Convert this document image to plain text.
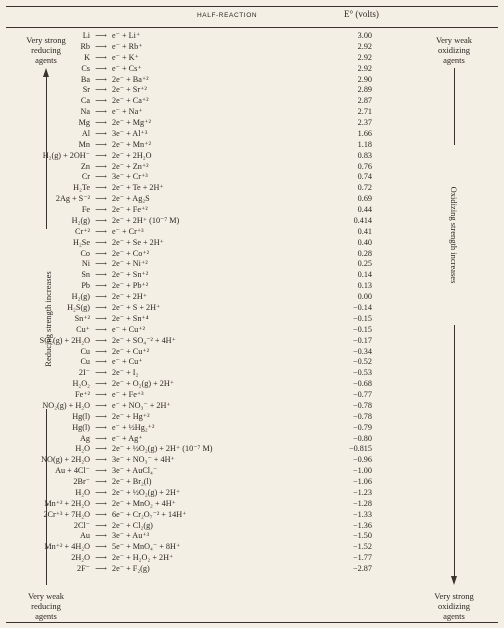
HALF-REACTION	E° (volts)
Very strong
reducing
agents
Very weak
reducing
agents
Reducing strength increases
Very weak
oxidizing
agents
Very strong
oxidizing
agents
Oxidizing strength increases
Li ⟶ e⁻ + Li⁺	3.00
Rb ⟶ e⁻ + Rb⁺	2.92
K ⟶ e⁻ + K⁺	2.92
Cs ⟶ e⁻ + Cs⁺	2.92
Ba ⟶ 2e⁻ + Ba⁺²	2.90
Sr ⟶ 2e⁻ + Sr⁺²	2.89
Ca ⟶ 2e⁻ + Ca⁺²	2.87
Na ⟶ e⁻ + Na⁺	2.71
Mg ⟶ 2e⁻ + Mg⁺²	2.37
Al ⟶ 3e⁻ + Al⁺³	1.66
Mn ⟶ 2e⁻ + Mn⁺²	1.18
H₂(g) + 2OH⁻ ⟶ 2e⁻ + 2H₂O	0.83
Zn ⟶ 2e⁻ + Zn⁺²	0.76
Cr ⟶ 3e⁻ + Cr⁺³	0.74
H₂Te ⟶ 2e⁻ + Te + 2H⁺	0.72
2Ag + S⁻² ⟶ 2e⁻ + Ag₂S	0.69
Fe ⟶ 2e⁻ + Fe⁺²	0.44
H₂(g) ⟶ 2e⁻ + 2H⁺ (10⁻⁷ M)	0.414
Cr⁺² ⟶ e⁻ + Cr⁺³	0.41
H₂Se ⟶ 2e⁻ + Se + 2H⁺	0.40
Co ⟶ 2e⁻ + Co⁺²	0.28
Ni ⟶ 2e⁻ + Ni⁺²	0.25
Sn ⟶ 2e⁻ + Sn⁺²	0.14
Pb ⟶ 2e⁻ + Pb⁺²	0.13
H₂(g) ⟶ 2e⁻ + 2H⁺	0.00
H₂S(g) ⟶ 2e⁻ + S + 2H⁺	−0.14
Sn⁺² ⟶ 2e⁻ + Sn⁺⁴	−0.15
Cu⁺ ⟶ e⁻ + Cu⁺²	−0.15
SO₂(g) + 2H₂O ⟶ 2e⁻ + SO₄⁻² + 4H⁺	−0.17
Cu ⟶ 2e⁻ + Cu⁺²	−0.34
Cu ⟶ e⁻ + Cu⁺	−0.52
2I⁻ ⟶ 2e⁻ + I₂	−0.53
H₂O₂ ⟶ 2e⁻ + O₂(g) + 2H⁺	−0.68
Fe⁺² ⟶ e⁻ + Fe⁺³	−0.77
NO₂(g) + H₂O ⟶ e⁻ + NO₃⁻ + 2H⁺	−0.78
Hg(l) ⟶ 2e⁻ + Hg⁺²	−0.78
Hg(l) ⟶ e⁻ + ½Hg₂⁺²	−0.79
Ag ⟶ e⁻ + Ag⁺	−0.80
H₂O ⟶ 2e⁻ + ½O₂(g) + 2H⁺ (10⁻⁷ M)	−0.815
NO(g) + 2H₂O ⟶ 3e⁻ + NO₃⁻ + 4H⁺	−0.96
Au + 4Cl⁻ ⟶ 3e⁻ + AuCl₄⁻	−1.00
2Br⁻ ⟶ 2e⁻ + Br₂(l)	−1.06
H₂O ⟶ 2e⁻ + ½O₂(g) + 2H⁺	−1.23
Mn⁺² + 2H₂O ⟶ 2e⁻ + MnO₂ + 4H⁺	−1.28
2Cr⁺³ + 7H₂O ⟶ 6e⁻ + Cr₂O₇⁻² + 14H⁺	−1.33
2Cl⁻ ⟶ 2e⁻ + Cl₂(g)	−1.36
Au ⟶ 3e⁻ + Au⁺³	−1.50
Mn⁺² + 4H₂O ⟶ 5e⁻ + MnO₄⁻ + 8H⁺	−1.52
2H₂O ⟶ 2e⁻ + H₂O₂ + 2H⁺	−1.77
2F⁻ ⟶ 2e⁻ + F₂(g)	−2.87
